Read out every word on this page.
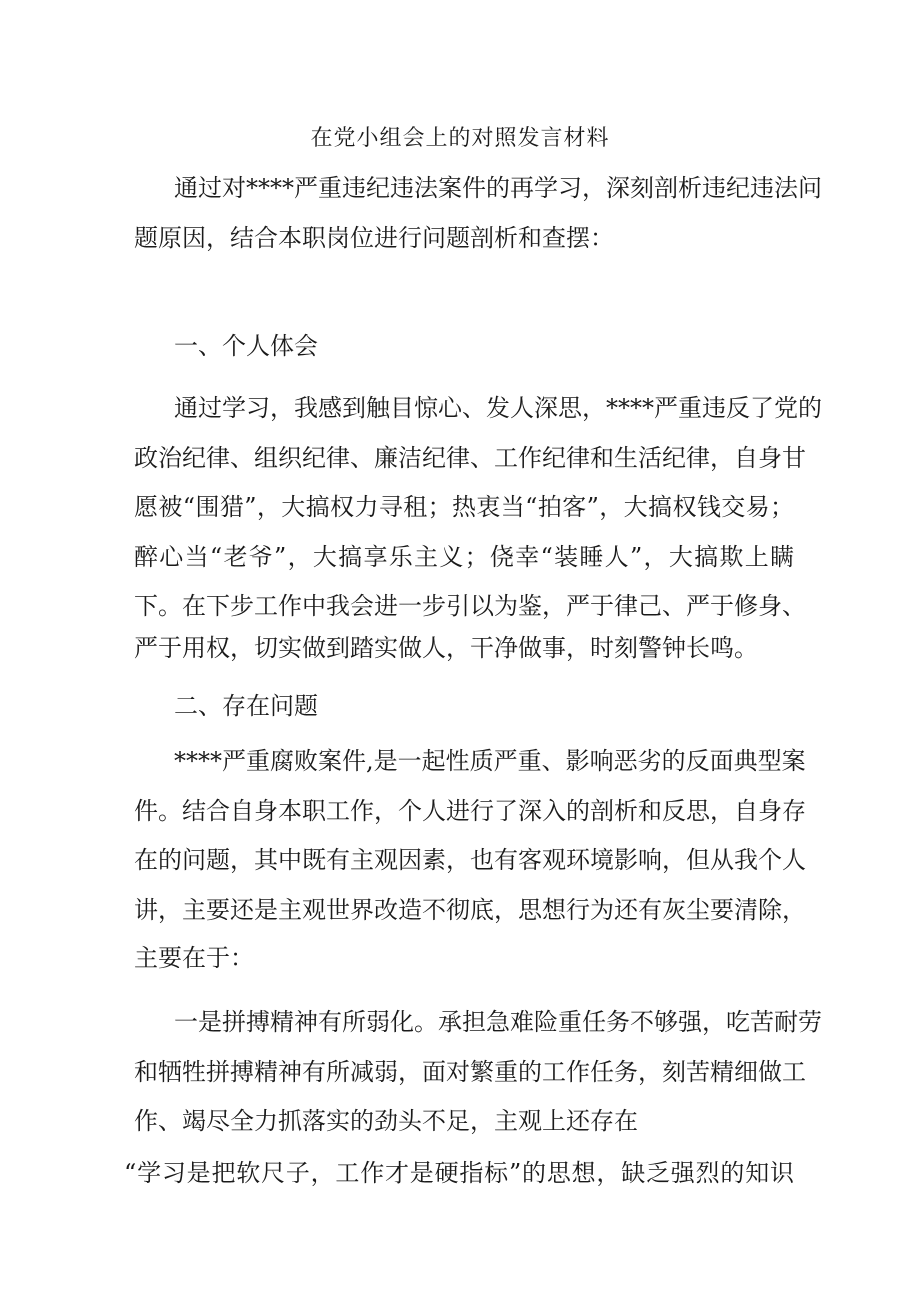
在党小组会上的对照发言材料
通过对****严重违纪违法案件的再学习，深刻剖析违纪违法问
题原因，结合本职岗位进行问题剖析和查摆：
一、个人体会
通过学习，我感到触目惊心、发人深思，****严重违反了党的
政治纪律、组织纪律、廉洁纪律、工作纪律和生活纪律，自身甘
愿被“围猎”，大搞权力寻租；热衷当“拍客”，大搞权钱交易；
醉心当“老爷”，大搞享乐主义；侥幸“装睡人”，大搞欺上瞒
下。在下步工作中我会进一步引以为鉴，严于律己、严于修身、
严于用权，切实做到踏实做人，干净做事，时刻警钟长鸣。
二、存在问题
****严重腐败案件,是一起性质严重、影响恶劣的反面典型案
件。结合自身本职工作，个人进行了深入的剖析和反思，自身存
在的问题，其中既有主观因素，也有客观环境影响，但从我个人
讲，主要还是主观世界改造不彻底，思想行为还有灰尘要清除，
主要在于：
一是拼搏精神有所弱化。承担急难险重任务不够强，吃苦耐劳
和牺牲拼搏精神有所减弱，面对繁重的工作任务，刻苦精细做工
作、竭尽全力抓落实的劲头不足，主观上还存在
“学习是把软尺子，工作才是硬指标”的思想，缺乏强烈的知识
